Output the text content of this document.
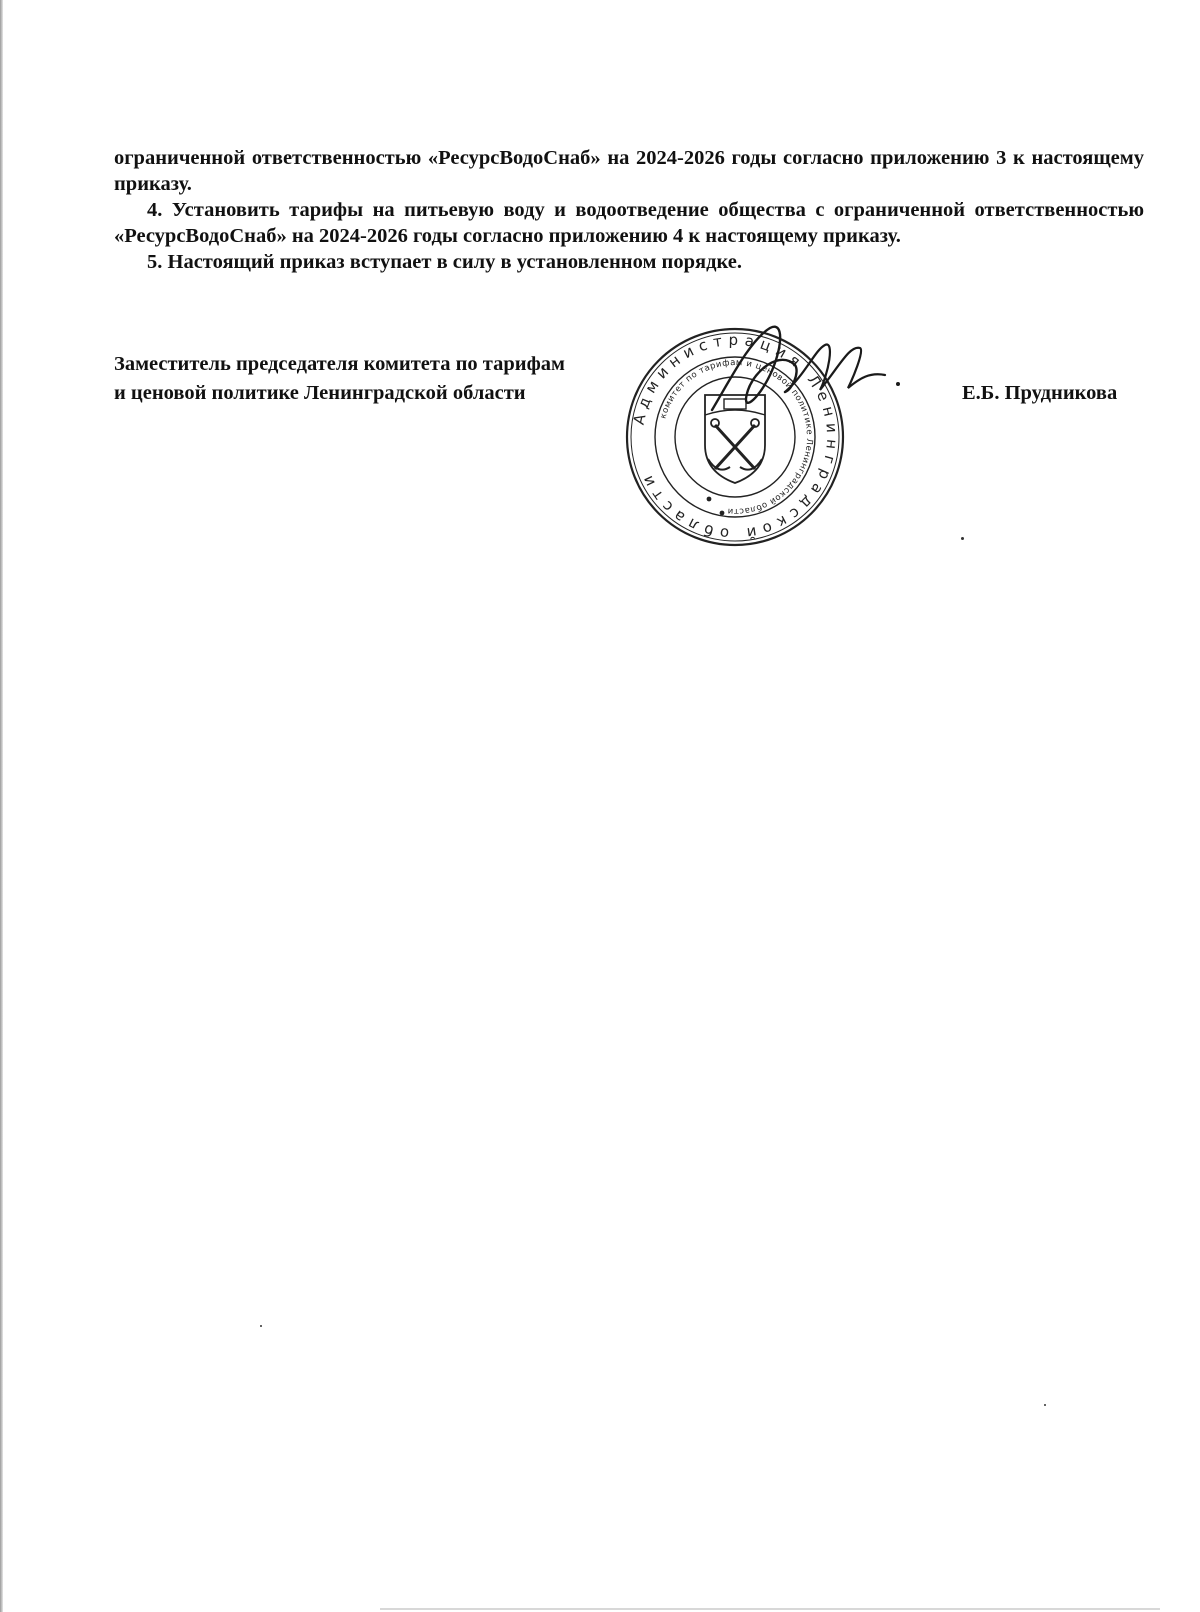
ограниченной ответственностью «РесурсВодоСнаб» на 2024-2026 годы согласно приложению 3 к настоящему приказу.

4. Установить тарифы на питьевую воду и водоотведение общества с ограниченной ответственностью «РесурсВодоСнаб» на 2024-2026 годы согласно приложению 4 к настоящему приказу.

5. Настоящий приказ вступает в силу в установленном порядке.

Заместитель председателя комитета по тарифам
и ценовой политике Ленинградской области
Администрация Ленинградской области
комитет по тарифам и ценовой политике Ленинградской области
Е.Б. Прудникова
